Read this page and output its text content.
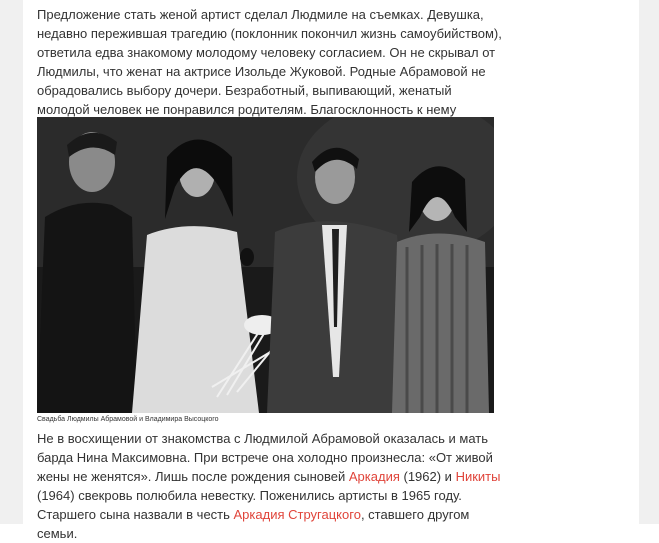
Предложение стать женой артист сделал Людмиле на съемках. Девушка, недавно пережившая трагедию (поклонник покончил жизнь самоубийством), ответила едва знакомому молодому человеку согласием. Он не скрывал от Людмилы, что женат на актрисе Изольде Жуковой. Родные Абрамовой не обрадовались выбору дочери. Безработный, выпивающий, женатый молодой человек не понравился родителям. Благосклонность к нему

Свадьба Людмилы Абрамовой и Владимира Высоцкого

Не в восхищении от знакомства с Людмилой Абрамовой оказалась и мать барда Нина Максимовна. При встрече она холодно произнесла: «От живой жены не женятся». Лишь после рождения сыновей Аркадия (1962) и Никиты (1964) свекровь полюбила невестку. Поженились артисты в 1965 году. Старшего сына назвали в честь Аркадия Стругацкого, ставшего другом семьи.
